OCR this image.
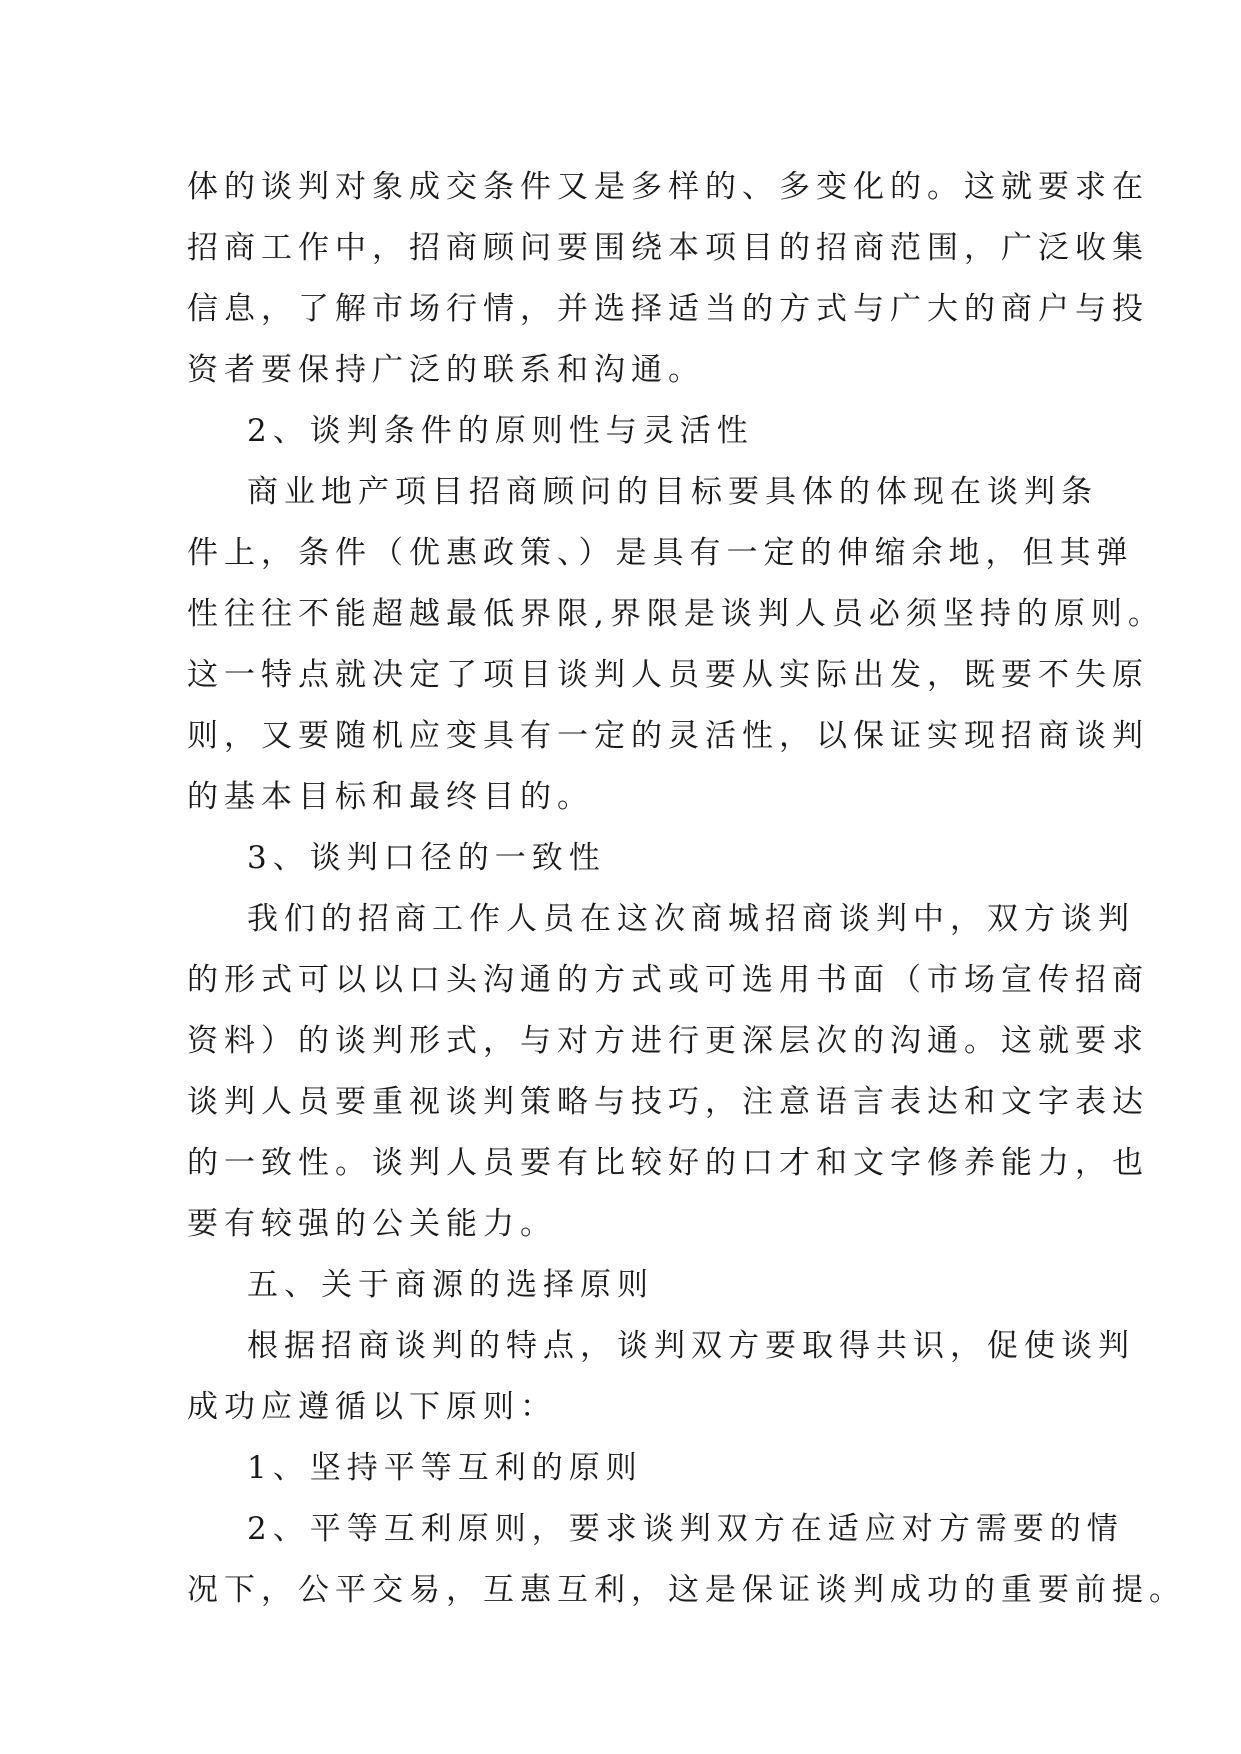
体的谈判对象成交条件又是多样的、多变化的。这就要求在
招商工作中，招商顾问要围绕本项目的招商范围，广泛收集
信息，了解市场行情，并选择适当的方式与广大的商户与投
资者要保持广泛的联系和沟通。
2、谈判条件的原则性与灵活性
商业地产项目招商顾问的目标要具体的体现在谈判条
件上，条件（优惠政策、）是具有一定的伸缩余地，但其弹
性往往不能超越最低界限,界限是谈判人员必须坚持的原则。
这一特点就决定了项目谈判人员要从实际出发，既要不失原
则，又要随机应变具有一定的灵活性，以保证实现招商谈判
的基本目标和最终目的。
3、谈判口径的一致性
我们的招商工作人员在这次商城招商谈判中，双方谈判
的形式可以以口头沟通的方式或可选用书面（市场宣传招商
资料）的谈判形式，与对方进行更深层次的沟通。这就要求
谈判人员要重视谈判策略与技巧，注意语言表达和文字表达
的一致性。谈判人员要有比较好的口才和文字修养能力，也
要有较强的公关能力。
五、关于商源的选择原则
根据招商谈判的特点，谈判双方要取得共识，促使谈判
成功应遵循以下原则：
1、坚持平等互利的原则
2、平等互利原则，要求谈判双方在适应对方需要的情
况下，公平交易，互惠互利，这是保证谈判成功的重要前提。
